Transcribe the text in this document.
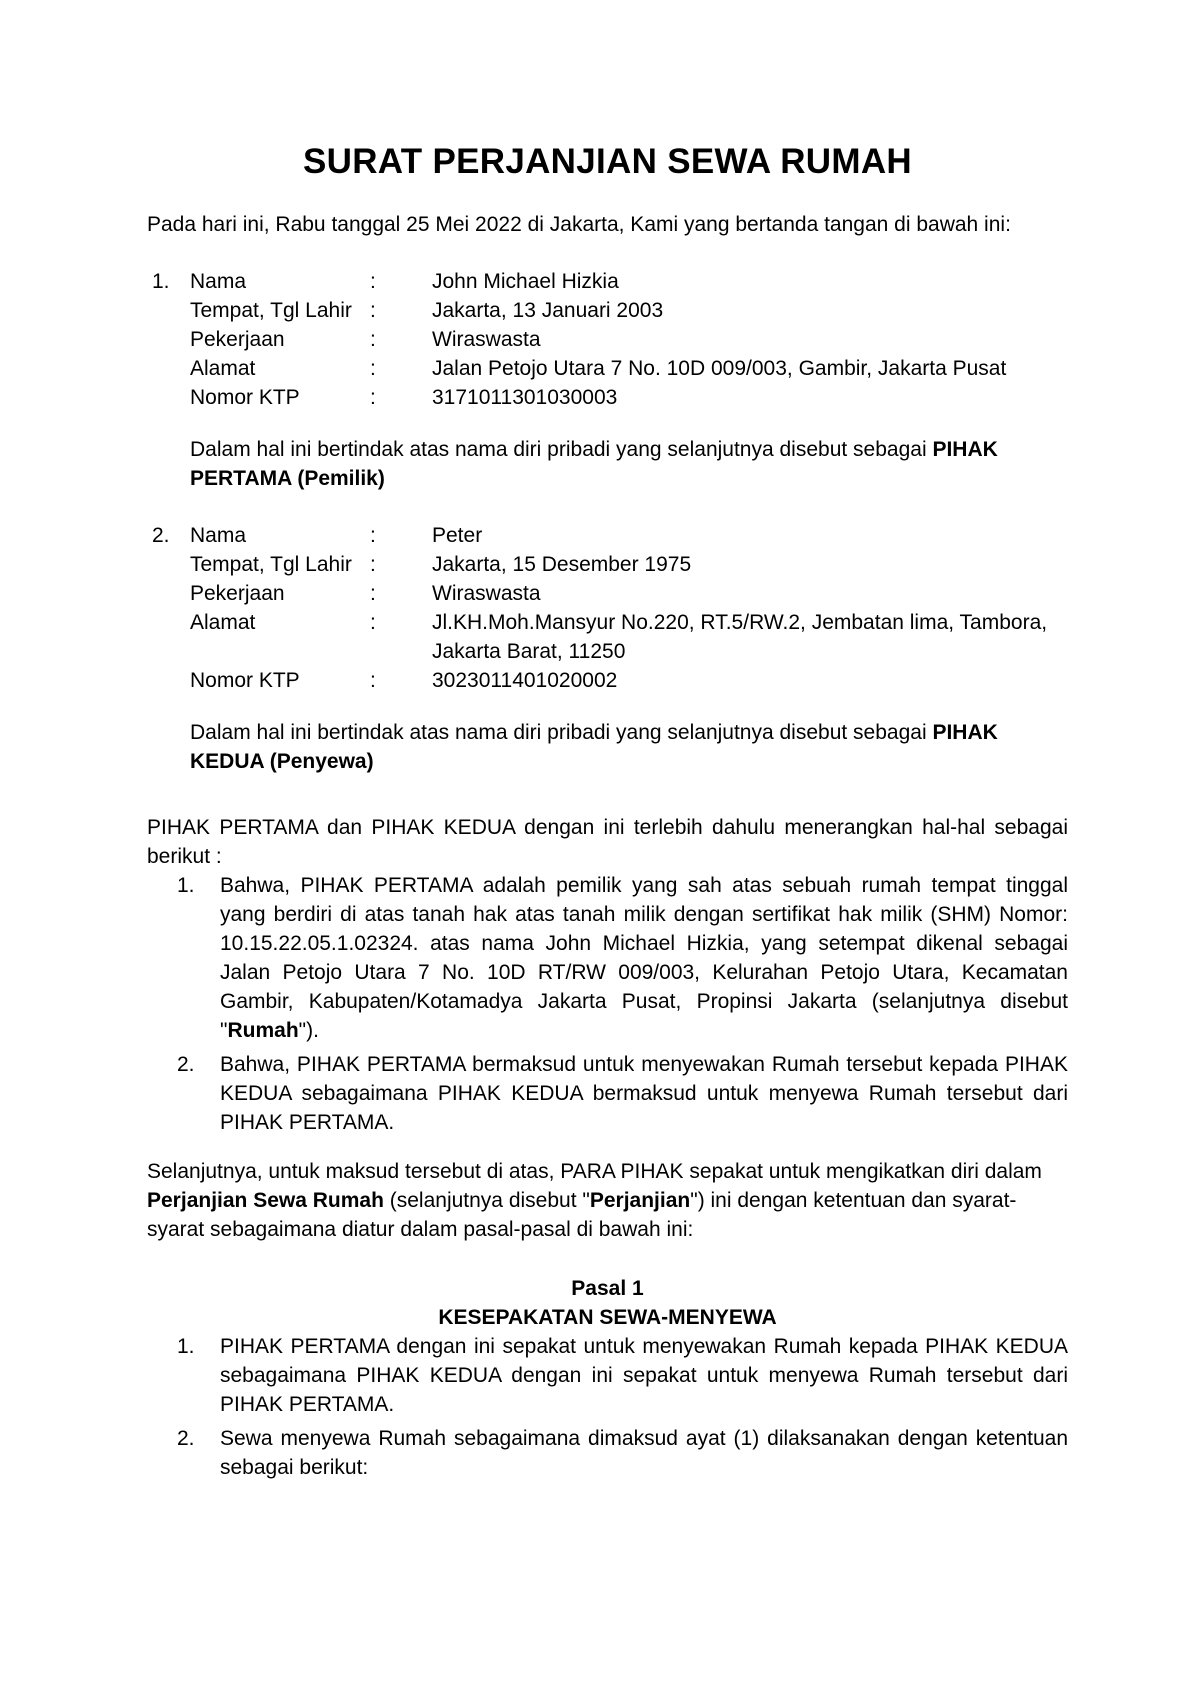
SURAT PERJANJIAN SEWA RUMAH

Pada hari ini, Rabu tanggal 25 Mei 2022 di Jakarta, Kami yang bertanda tangan di bawah ini:

1. Nama	:	John Michael Hizkia
Tempat, Tgl Lahir :	Jakarta, 13 Januari 2003
Pekerjaan	:	Wiraswasta
Alamat	:	Jalan Petojo Utara 7 No. 10D 009/003, Gambir, Jakarta Pusat
Nomor KTP	:	3171011301030003

Dalam hal ini bertindak atas nama diri pribadi yang selanjutnya disebut sebagai PIHAK PERTAMA (Pemilik)

2. Nama	:	Peter
Tempat, Tgl Lahir :	Jakarta, 15 Desember 1975
Pekerjaan	:	Wiraswasta
Alamat	:	Jl.KH.Moh.Mansyur No.220, RT.5/RW.2, Jembatan lima, Tambora, Jakarta Barat, 11250
Nomor KTP	:	3023011401020002

Dalam hal ini bertindak atas nama diri pribadi yang selanjutnya disebut sebagai PIHAK
KEDUA (Penyewa)

PIHAK PERTAMA dan PIHAK KEDUA dengan ini terlebih dahulu menerangkan hal-hal sebagai berikut :

1. Bahwa, PIHAK PERTAMA adalah pemilik yang sah atas sebuah rumah tempat tinggal yang berdiri di atas tanah hak atas tanah milik dengan sertifikat hak milik (SHM) Nomor: 10.15.22.05.1.02324. atas nama John Michael Hizkia, yang setempat dikenal sebagai Jalan Petojo Utara 7 No. 10D RT/RW 009/003, Kelurahan Petojo Utara, Kecamatan Gambir, Kabupaten/Kotamadya Jakarta Pusat, Propinsi Jakarta (selanjutnya disebut "Rumah").
2. Bahwa, PIHAK PERTAMA bermaksud untuk menyewakan Rumah tersebut kepada PIHAK KEDUA sebagaimana PIHAK KEDUA bermaksud untuk menyewa Rumah tersebut dari PIHAK PERTAMA.

Selanjutnya, untuk maksud tersebut di atas, PARA PIHAK sepakat untuk mengikatkan diri dalam Perjanjian Sewa Rumah (selanjutnya disebut "Perjanjian") ini dengan ketentuan dan syarat-syarat sebagaimana diatur dalam pasal-pasal di bawah ini:

Pasal 1
KESEPAKATAN SEWA-MENYEWA
1. PIHAK PERTAMA dengan ini sepakat untuk menyewakan Rumah kepada PIHAK KEDUA sebagaimana PIHAK KEDUA dengan ini sepakat untuk menyewa Rumah tersebut dari PIHAK PERTAMA.
2. Sewa menyewa Rumah sebagaimana dimaksud ayat (1) dilaksanakan dengan ketentuan sebagai berikut:
